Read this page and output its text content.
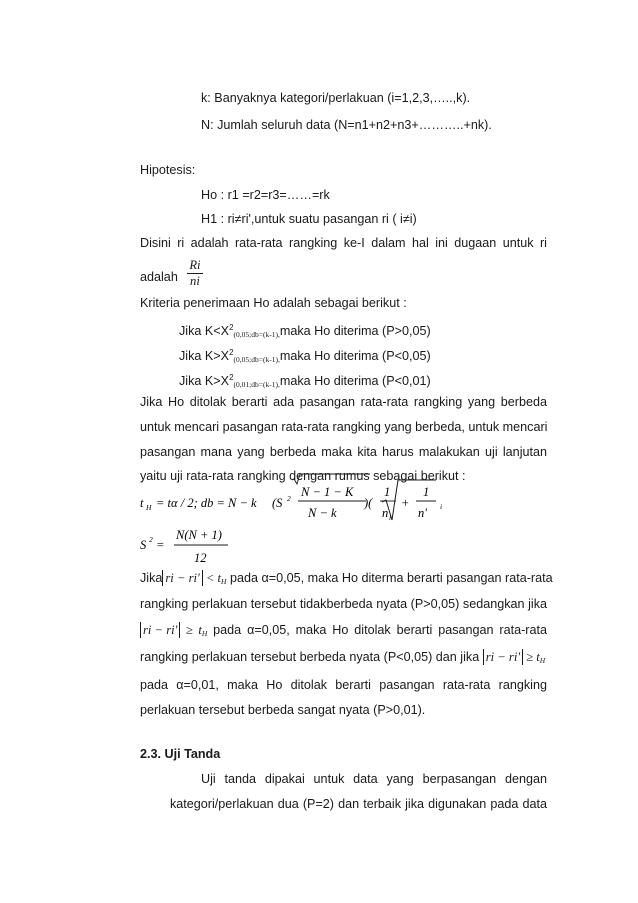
k: Banyaknya kategori/perlakuan (i=1,2,3,…..,k).
N: Jumlah seluruh data (N=n1+n2+n3+………..+nk).
Hipotesis:
Ho : r1 =r2=r3=……=rk
H1 : ri≠ri',untuk suatu pasangan ri ( i≠i)
Disini ri adalah rata-rata rangking ke-I dalam hal ini dugaan untuk ri
adalah $\frac{Ri}{ni}$
Kriteria penerimaan Ho adalah sebagai berikut :
Jika $K<X^2_{(0,05;db=(k-1),}maka$ Ho diterima (P>0,05)
Jika $K>X^2_{(0,05;db=(k-1),}maka$ Ho diterima (P<0,05)
Jika $K>X^2_{(0,01;db=(k-1),}maka$ Ho diterima (P<0,01)
Jika Ho ditolak berarti ada pasangan rata-rata rangking yang berbeda
untuk mencari pasangan rata-rata rangking yang berbeda, untuk mencari
pasangan mana yang berbeda maka kita harus malakukan uji lanjutan
yaitu uji rata-rata rangking dengan rumus sebagai berikut :
t H = tα / 2; db = N − k (S 2 N − 1 − K
N − k
)(
1
n i
+
1
n' i
S 2 =
N(N + 1)
12
Jika ri − $ri' < t_H$ pada α=0,05, maka Ho diterma berarti pasangan rata-rata
rangking perlakuan tersebut tidakberbeda nyata (P>0,05) sedangkan jika
ri − $ri' \ge t_H$ pada α=0,05, maka Ho ditolak berarti pasangan rata-rata
rangking perlakuan tersebut berbeda nyata (P<0,05) dan jika ri − $ri' \ge t_H$
pada α=0,01, maka Ho ditolak berarti pasangan rata-rata rangking
perlakuan tersebut berbeda sangat nyata (P>0,01).
2.3. Uji Tanda
Uji tanda dipakai untuk data yang berpasangan dengan
kategori/perlakuan dua (P=2) dan terbaik jika digunakan pada data
